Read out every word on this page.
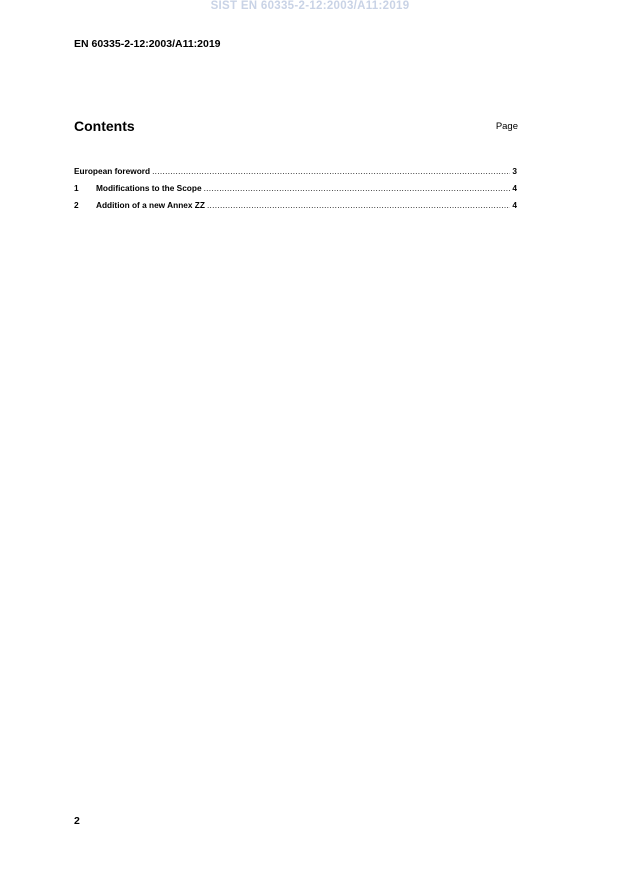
SIST EN 60335-2-12:2003/A11:2019
EN 60335-2-12:2003/A11:2019
Contents	Page
European foreword .....	3
1	Modifications to the Scope .....	4
2	Addition of a new Annex ZZ .....	4
2
